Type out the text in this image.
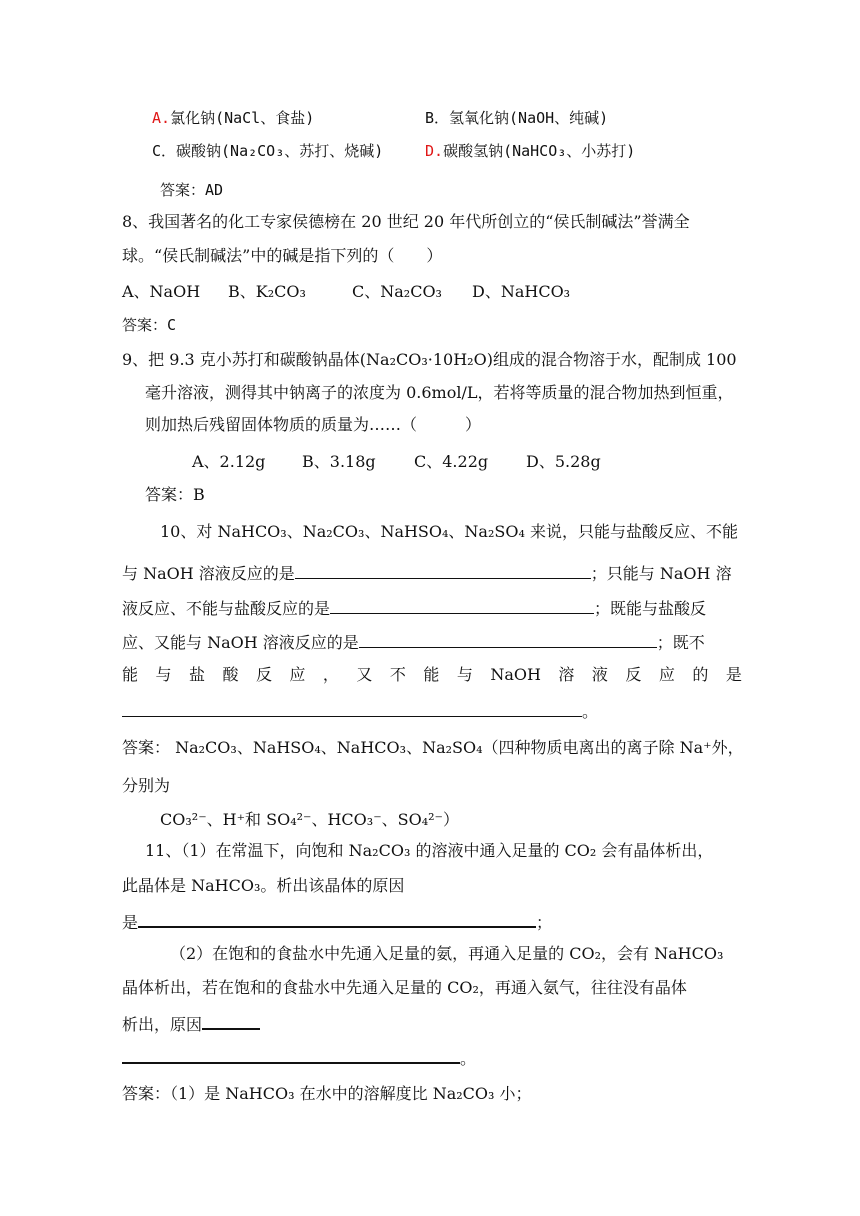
A.氯化钠(NaCl、食盐)	B．氢氧化钠(NaOH、纯碱)
C．碳酸钠(Na₂CO₃、苏打、烧碱)	D.碳酸氢钠(NaHCO₃、小苏打)
答案：AD
8、我国著名的化工专家侯德榜在 20 世纪 20 年代所创立的“侯氏制碱法”誉满全
球。“侯氏制碱法”中的碱是指下列的（　　）
A、NaOH B、K₂CO₃	C、Na₂CO₃ D、NaHCO₃
答案：C
9、把 9.3 克小苏打和碳酸钠晶体(Na₂CO₃·10H₂O)组成的混合物溶于水，配制成 100
毫升溶液，测得其中钠离子的浓度为 0.6mol/L，若将等质量的混合物加热到恒重，
则加热后残留固体物质的质量为……（　　　）
A、2.12g B、3.18g C、4.22g D、5.28g
答案：B
10、对 NaHCO₃、Na₂CO₃、NaHSO₄、Na₂SO₄ 来说，只能与盐酸反应、不能
与 NaOH 溶液反应的是	；只能与 NaOH 溶
液反应、不能与盐酸反应的是	；既能与盐酸反
应、又能与 NaOH 溶液反应的是	；既不
能 与 盐 酸 反 应 ， 又 不 能 与 NaOH 溶 液 反 应 的 是
。
答案： Na₂CO₃、NaHSO₄、NaHCO₃、Na₂SO₄（四种物质电离出的离子除 Na⁺外，
分别为
CO₃²⁻、H⁺和 SO₄²⁻、HCO₃⁻、SO₄²⁻）
11、（1）在常温下，向饱和 Na₂CO₃ 的溶液中通入足量的 CO₂ 会有晶体析出，
此晶体是 NaHCO₃。析出该晶体的原因
是	；
（2）在饱和的食盐水中先通入足量的氨，再通入足量的 CO₂，会有 NaHCO₃
晶体析出，若在饱和的食盐水中先通入足量的 CO₂，再通入氨气，往往没有晶体
析出，原因
。
答案：（1）是 NaHCO₃ 在水中的溶解度比 Na₂CO₃ 小；
